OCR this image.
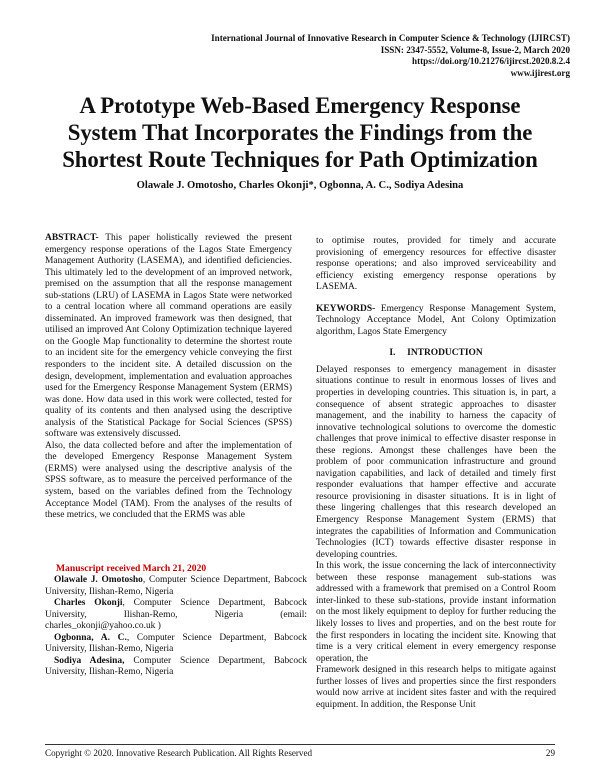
International Journal of Innovative Research in Computer Science & Technology (IJIRCST)
ISSN: 2347-5552, Volume-8, Issue-2, March 2020
https://doi.org/10.21276/ijircst.2020.8.2.4
www.ijirest.org
A Prototype Web-Based Emergency Response
System That Incorporates the Findings from the
Shortest Route Techniques for Path Optimization
Olawale J. Omotosho, Charles Okonji*, Ogbonna, A. C., Sodiya Adesina

ABSTRACT- This paper holistically reviewed the present emergency response operations of the Lagos State Emergency Management Authority (LASEMA), and identified deficiencies. This ultimately led to the development of an improved network, premised on the assumption that all the response management sub-stations (LRU) of LASEMA in Lagos State were networked to a central location where all command operations are easily disseminated. An improved framework was then designed, that utilised an improved Ant Colony Optimization technique layered on the Google Map functionality to determine the shortest route to an incident site for the emergency vehicle conveying the first responders to the incident site. A detailed discussion on the design, development, implementation and evaluation approaches used for the Emergency Response Management System (ERMS) was done. How data used in this work were collected, tested for quality of its contents and then analysed using the descriptive analysis of the Statistical Package for Social Sciences (SPSS) software was extensively discussed.

Also, the data collected before and after the implementation of the developed Emergency Response Management System (ERMS) were analysed using the descriptive analysis of the SPSS software, as to measure the perceived performance of the system, based on the variables defined from the Technology Acceptance Model (TAM). From the analyses of the results of these metrics, we concluded that the ERMS was able

Manuscript received March 21, 2020

Olawale J. Omotosho, Computer Science Department, Babcock University, Ilishan-Remo, Nigeria

Charles Okonji, Computer Science Department, Babcock University, Ilishan-Remo, Nigeria (email: charles_okonji@yahoo.co.uk )

Ogbonna, A. C., Computer Science Department, Babcock University, Ilishan-Remo, Nigeria

Sodiya Adesina, Computer Science Department, Babcock University, Ilishan-Remo, Nigeria

to optimise routes, provided for timely and accurate provisioning of emergency resources for effective disaster response operations; and also improved serviceability and efficiency existing emergency response operations by LASEMA.

KEYWORDS- Emergency Response Management System, Technology Acceptance Model, Ant Colony Optimization algorithm, Lagos State Emergency

I.     INTRODUCTION

Delayed responses to emergency management in disaster situations continue to result in enormous losses of lives and properties in developing countries. This situation is, in part, a consequence of absent strategic approaches to disaster management, and the inability to harness the capacity of innovative technological solutions to overcome the domestic challenges that prove inimical to effective disaster response in these regions. Amongst these challenges have been the problem of poor communication infrastructure and ground navigation capabilities, and lack of detailed and timely first responder evaluations that hamper effective and accurate resource provisioning in disaster situations. It is in light of these lingering challenges that this research developed an Emergency Response Management System (ERMS) that integrates the capabilities of Information and Communication Technologies (ICT) towards effective disaster response in developing countries.

In this work, the issue concerning the lack of interconnectivity between these response management sub-stations was addressed with a framework that premised on a Control Room inter-linked to these sub-stations, provide instant information on the most likely equipment to deploy for further reducing the likely losses to lives and properties, and on the best route for the first responders in locating the incident site. Knowing that time is a very critical element in every emergency response operation, the

Framework designed in this research helps to mitigate against further losses of lives and properties since the first responders would now arrive at incident sites faster and with the required equipment. In addition, the Response Unit

Copyright © 2020. Innovative Research Publication. All Rights Reserved	29
